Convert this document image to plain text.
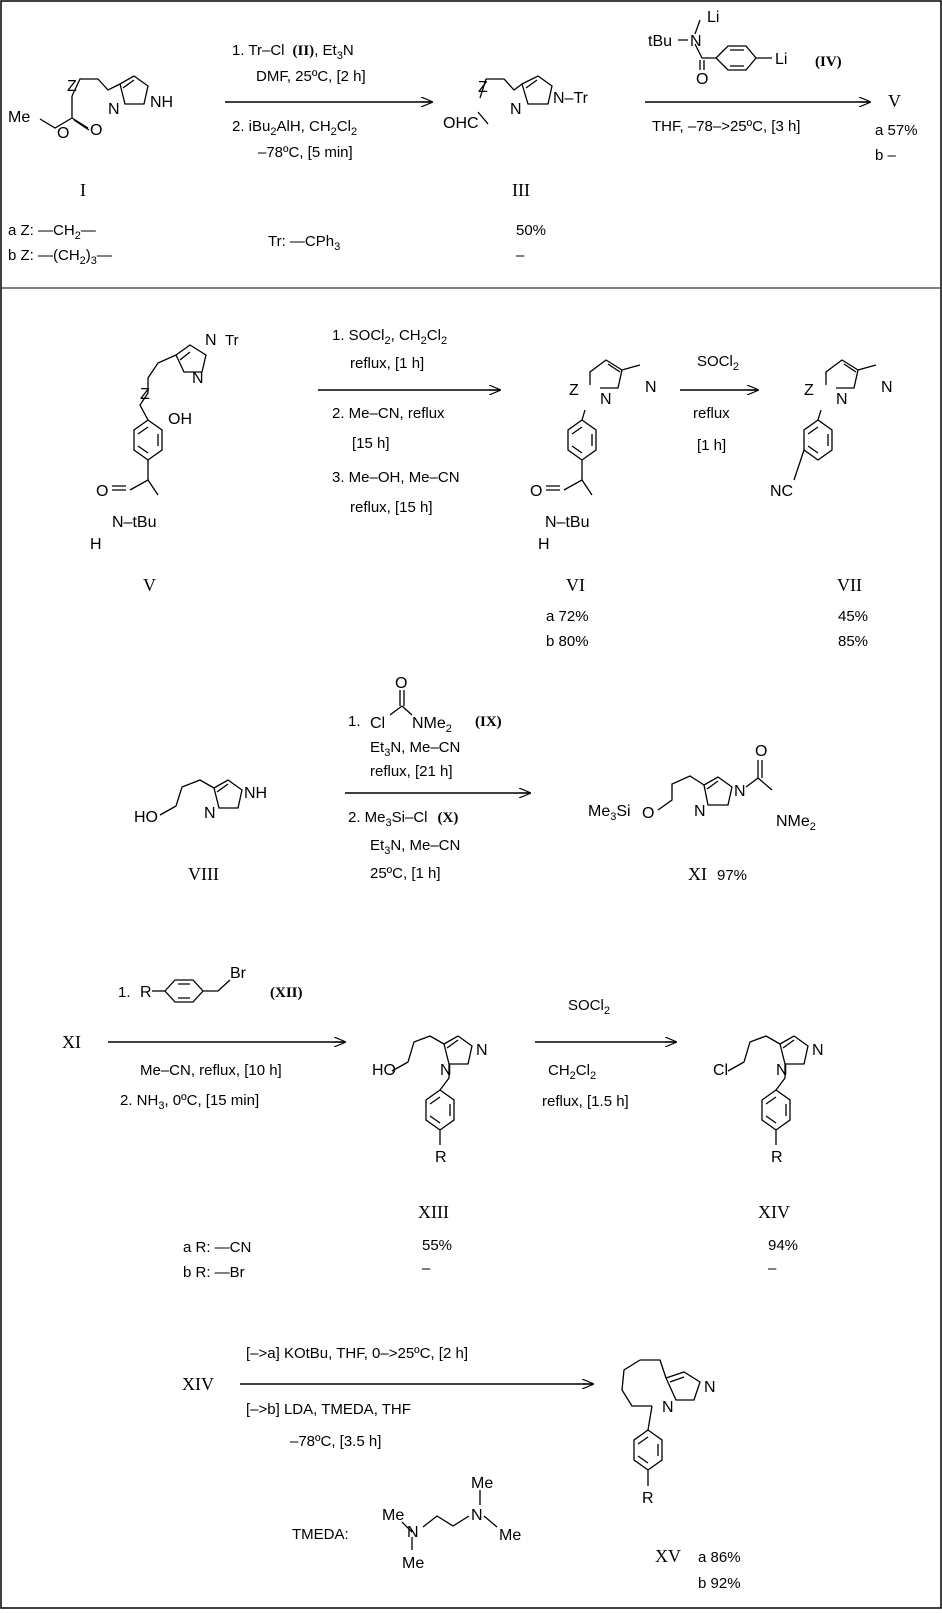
Me
Z
O O
NH
N
I
a Z: $—CH_2—$
b Z: $—(CH_2)_3—$
1. Tr–Cl (II), $Et_3N$
DMF, 25ºC, [2 h]
2. iBu$_2$AlH, $CH_2Cl_2$
–78ºC, [5 min]
Z
OHC
N
N–Tr
III
50%
–
Tr: —CPh$_3$
Li
tBu N
O
Li (IV)
THF, –78–>25ºC, [3 h]
V
a 57%
b –
N Tr
N
Z
OH
O
N–tBu
H
V
1. SOCl$_2$, $CH_2Cl_2$
reflux, [1 h]
2. Me–CN, reflux
[15 h]
3. Me–OH, Me–CN
reflux, [15 h]
Z	N
N
O
N–tBu
H
VI
a 72%
b 80%
SOCl$_2$
reflux
[1 h]
Z	N
N
NC
VII
45%
85%
HO	N
NH
VIII
O
Cl NMe$_2$
1.	(IX)
$Et_3N$, Me–CN
reflux, [21 h]
2. $Me_3Si-Cl$ (X)
$Et_3N$, Me–CN
25ºC, [1 h]
$Me_3Si$ O N
N
O
NMe$_2$
XI 97%
XI
R
Br
1.	(XII)
Me–CN, reflux, [10 h]
2. $NH_3$, 0ºC, [15 min]
HO	N
N
R
XIII
55%
–
a R: —CN
b R: —Br
SOCl$_2$
$CH_2Cl_2$
reflux, [1.5 h]
Cl	N
N
R
XIV
94%
–
XIV
[–>a] KOtBu, THF, 0–>25ºC, [2 h]
[–>b] LDA, TMEDA, THF
–78ºC, [3.5 h]
TMEDA:
Me
N
Me
N
Me
Me
N
N
R
XV a 86%
b 92%
